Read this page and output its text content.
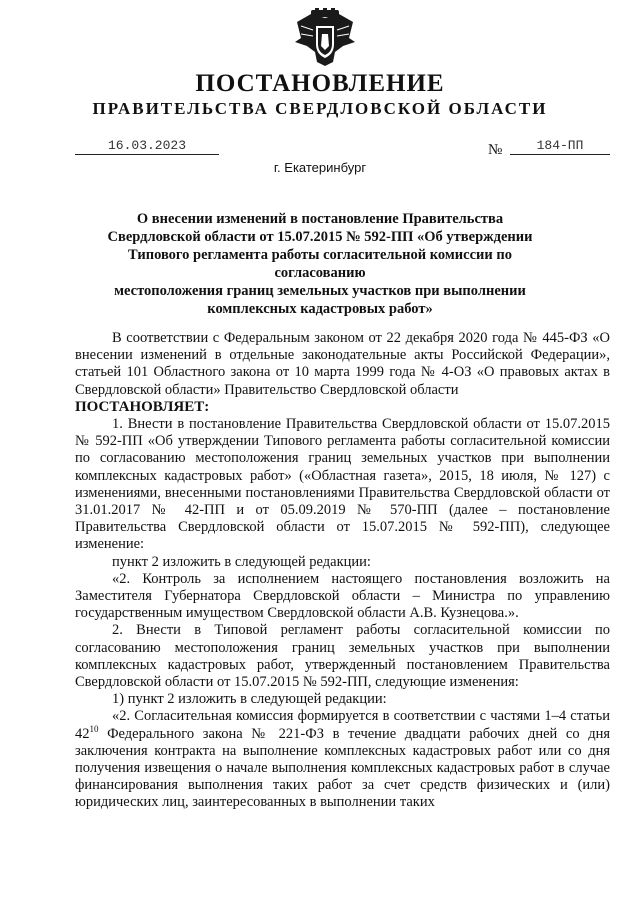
ПОСТАНОВЛЕНИЕ
ПРАВИТЕЛЬСТВА СВЕРДЛОВСКОЙ ОБЛАСТИ
16.03.2023	№	184-ПП
г. Екатеринбург
О внесении изменений в постановление Правительства
Свердловской области от 15.07.2015 № 592-ПП «Об утверждении
Типового регламента работы согласительной комиссии по согласованию
местоположения границ земельных участков при выполнении
комплексных кадастровых работ»

В соответствии с Федеральным законом от 22 декабря 2020 года № 445-ФЗ «О внесении изменений в отдельные законодательные акты Российской Федерации», статьей 101 Областного закона от 10 марта 1999 года № 4-ОЗ «О правовых актах в Свердловской области» Правительство Свердловской области

ПОСТАНОВЛЯЕТ:

1. Внести в постановление Правительства Свердловской области от 15.07.2015 № 592-ПП «Об утверждении Типового регламента работы согласительной комиссии по согласованию местоположения границ земельных участков при выполнении комплексных кадастровых работ» («Областная газета», 2015, 18 июля, № 127) с изменениями, внесенными постановлениями Правительства Свердловской области от 31.01.2017 № 42-ПП и от 05.09.2019 № 570-ПП (далее – постановление Правительства Свердловской области от 15.07.2015 № 592-ПП), следующее изменение:

пункт 2 изложить в следующей редакции:

«2. Контроль за исполнением настоящего постановления возложить на Заместителя Губернатора Свердловской области – Министра по управлению государственным имуществом Свердловской области А.В. Кузнецова.».

2. Внести в Типовой регламент работы согласительной комиссии по согласованию местоположения границ земельных участков при выполнении комплексных кадастровых работ, утвержденный постановлением Правительства Свердловской области от 15.07.2015 № 592-ПП, следующие изменения:

1) пункт 2 изложить в следующей редакции:

«2. Согласительная комиссия формируется в соответствии с частями 1–4 статьи $42^{10}$ Федерального закона № 221-ФЗ в течение двадцати рабочих дней со дня заключения контракта на выполнение комплексных кадастровых работ или со дня получения извещения о начале выполнения комплексных кадастровых работ в случае финансирования выполнения таких работ за счет средств физических и (или) юридических лиц, заинтересованных в выполнении таких
